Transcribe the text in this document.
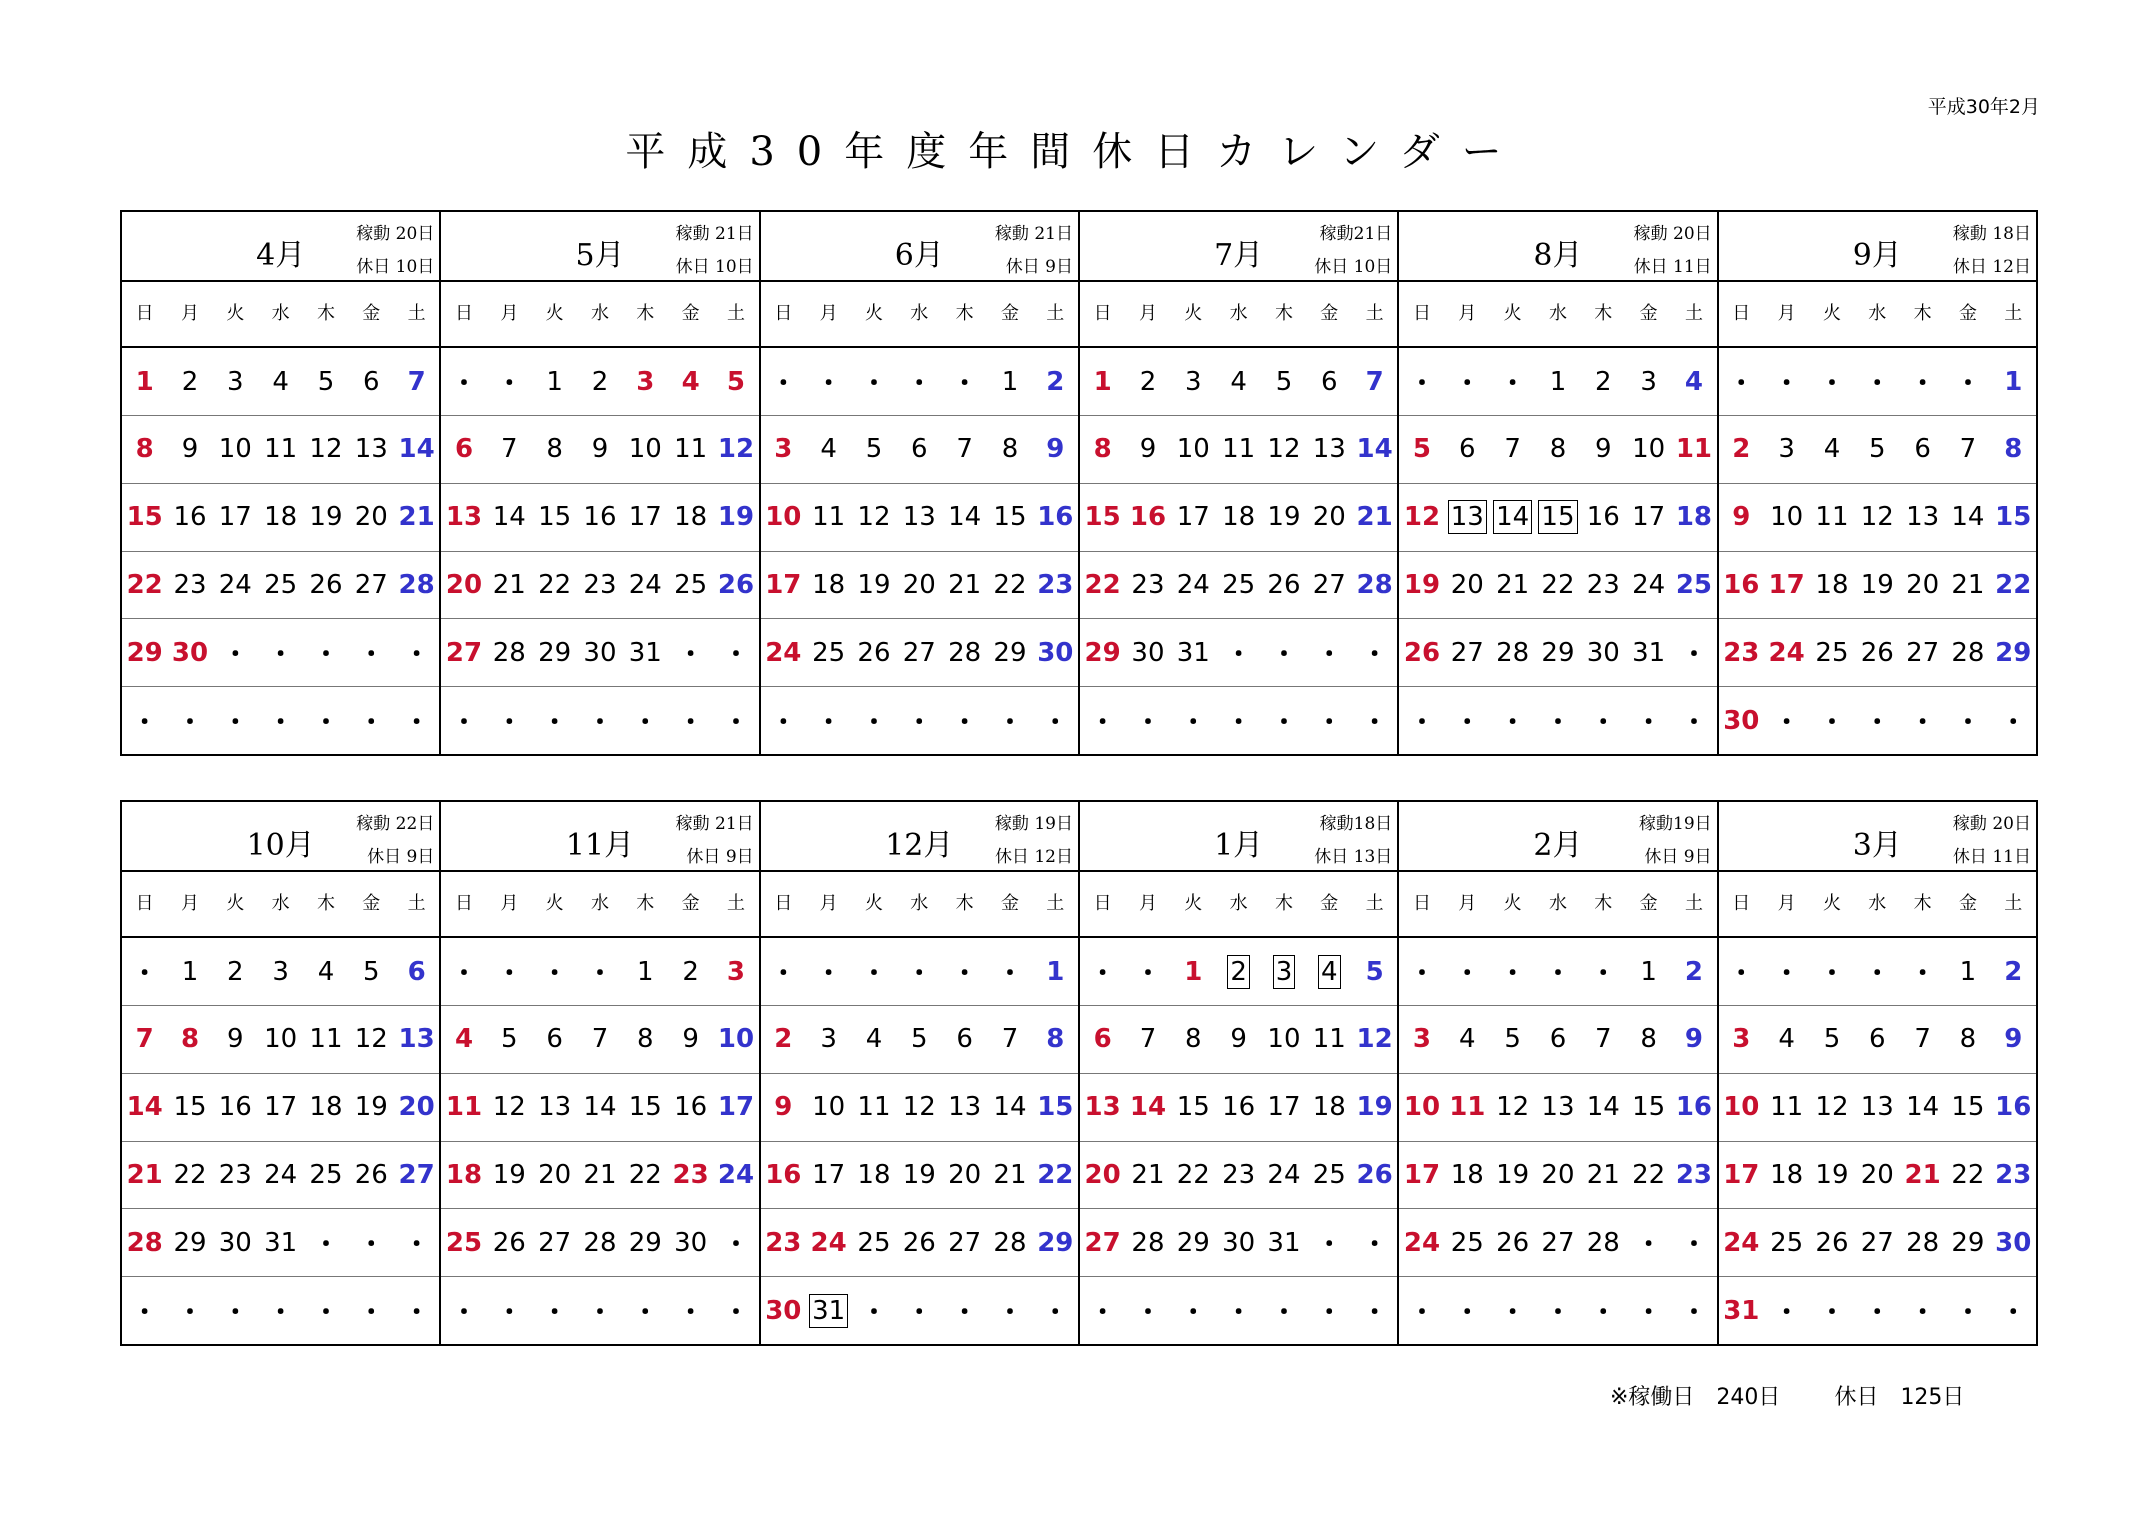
平成30年2月
平成30年度年間休日カレンダー
4月
稼動 20日
休日 10日
日	月	火	水	木	金	土
1 2 3 4 5 6 7
8 9 10 11 12 13 14
15 16 17 18 19 20 21
22 23 24 25 26 27 28
29 30 ・ ・ ・ ・ ・
・ ・ ・ ・ ・ ・ ・
5月
稼動 21日
休日 10日
日	月	火	水	木	金	土
・ ・ 1 2 3 4 5
6 7 8 9 10 11 12
13 14 15 16 17 18 19
20 21 22 23 24 25 26
27 28 29 30 31 ・ ・
・ ・ ・ ・ ・ ・ ・
6月
稼動 21日
休日 9日
日	月	火	水	木	金	土
・ ・ ・ ・ ・ 1 2
3 4 5 6 7 8 9
10 11 12 13 14 15 16
17 18 19 20 21 22 23
24 25 26 27 28 29 30
・ ・ ・ ・ ・ ・ ・
7月
稼動21日
休日 10日
日	月	火	水	木	金	土
1 2 3 4 5 6 7
8 9 10 11 12 13 14
15 16 17 18 19 20 21
22 23 24 25 26 27 28
29 30 31 ・ ・ ・ ・
・ ・ ・ ・ ・ ・ ・
8月
稼動 20日
休日 11日
日	月	火	水	木	金	土
・ ・ ・ 1 2 3 4
5 6 7 8 9 10 11
12 13 14 15 16 17 18
19 20 21 22 23 24 25
26 27 28 29 30 31 ・
・ ・ ・ ・ ・ ・ ・
9月
稼動 18日
休日 12日
日	月	火	水	木	金	土
・ ・ ・ ・ ・ ・ 1
2 3 4 5 6 7 8
9 10 11 12 13 14 15
16 17 18 19 20 21 22
23 24 25 26 27 28 29
30 ・ ・ ・ ・ ・ ・
10月
稼動 22日
休日 9日
日	月	火	水	木	金	土
・ 1 2 3 4 5 6
7 8 9 10 11 12 13
14 15 16 17 18 19 20
21 22 23 24 25 26 27
28 29 30 31 ・ ・ ・
・ ・ ・ ・ ・ ・ ・
11月
稼動 21日
休日 9日
日	月	火	水	木	金	土
・ ・ ・ ・ 1 2 3
4 5 6 7 8 9 10
11 12 13 14 15 16 17
18 19 20 21 22 23 24
25 26 27 28 29 30 ・
・ ・ ・ ・ ・ ・ ・
12月
稼動 19日
休日 12日
日	月	火	水	木	金	土
・ ・ ・ ・ ・ ・ 1
2 3 4 5 6 7 8
9 10 11 12 13 14 15
16 17 18 19 20 21 22
23 24 25 26 27 28 29
30 31 ・ ・ ・ ・ ・
1月
稼動18日
休日 13日
日	月	火	水	木	金	土
・ ・ 1 2 3 4 5
6 7 8 9 10 11 12
13 14 15 16 17 18 19
20 21 22 23 24 25 26
27 28 29 30 31 ・ ・
・ ・ ・ ・ ・ ・ ・
2月
稼動19日
休日 9日
日	月	火	水	木	金	土
・ ・ ・ ・ ・ 1 2
3 4 5 6 7 8 9
10 11 12 13 14 15 16
17 18 19 20 21 22 23
24 25 26 27 28 ・ ・
・ ・ ・ ・ ・ ・ ・
3月
稼動 20日
休日 11日
日	月	火	水	木	金	土
・ ・ ・ ・ ・ 1 2
3 4 5 6 7 8 9
10 11 12 13 14 15 16
17 18 19 20 21 22 23
24 25 26 27 28 29 30
31 ・ ・ ・ ・ ・ ・
※稼働日　240日 休日　125日
